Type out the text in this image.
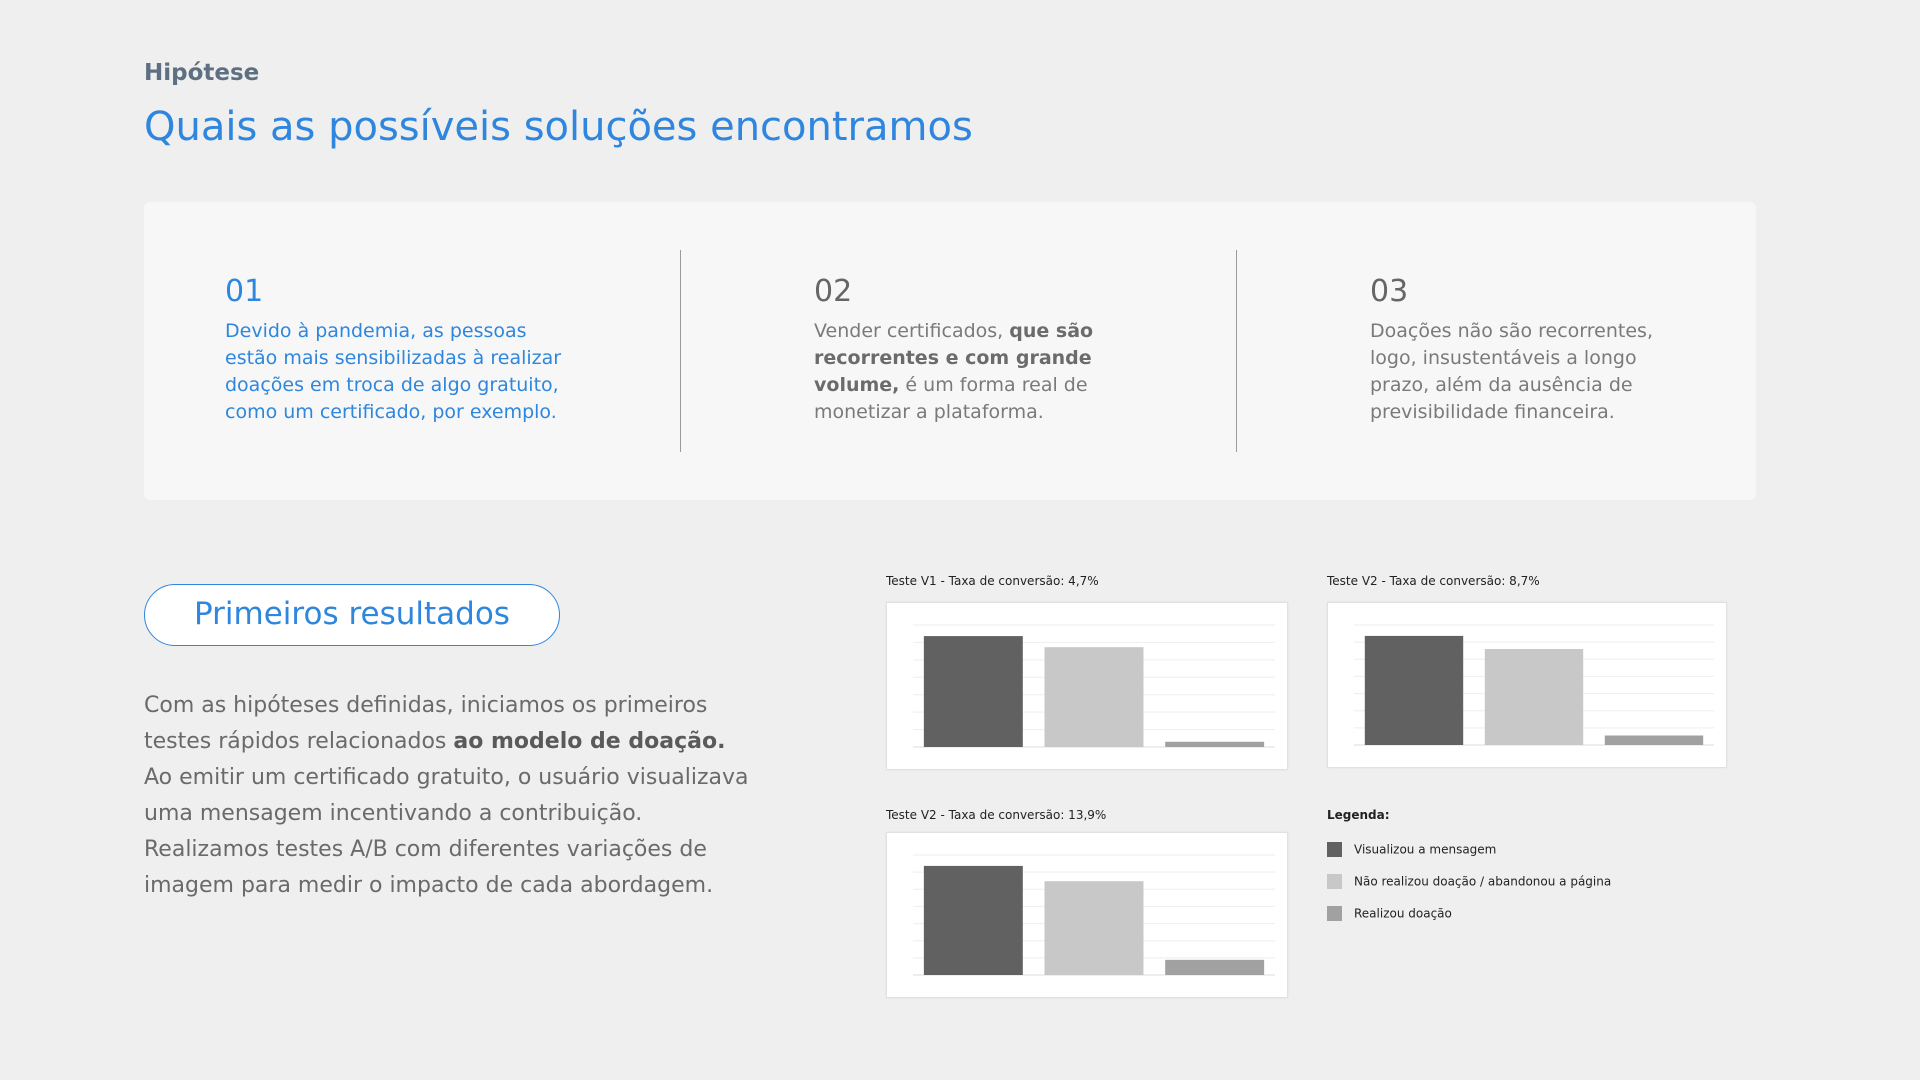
Hipótese
Quais as possíveis soluções encontramos
01

Devido à pandemia, as pessoas estão mais sensibilizadas à realizar doações em troca de algo gratuito, como um certificado, por exemplo.

02

Vender certificados, que são recorrentes e com grande volume, é um forma real de monetizar a plataforma.

03

Doações não são recorrentes, logo, insustentáveis a longo prazo, além da ausência de previsibilidade financeira.

Primeiros resultados

Com as hipóteses definidas, iniciamos os primeiros testes rápidos relacionados ao modelo de doação. Ao emitir um certificado gratuito, o usuário visualizava uma mensagem incentivando a contribuição. Realizamos testes A/B com diferentes variações de imagem para medir o impacto de cada abordagem.

Teste V1 - Taxa de conversão: 4,7%	Teste V2 - Taxa de conversão: 8,7%
Teste V2 - Taxa de conversão: 13,9%	Legenda:
Visualizou a mensagem
Não realizou doação / abandonou a página
Realizou doação
